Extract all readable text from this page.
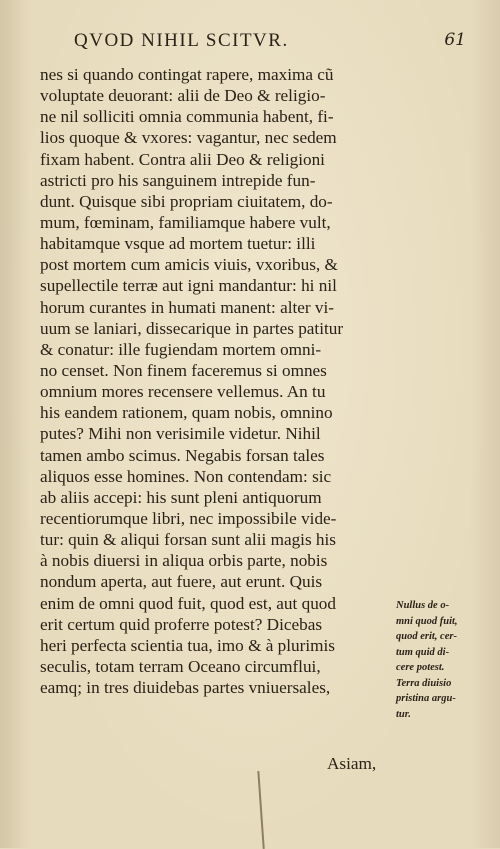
QVOD NIHIL SCITVR.	61
nes si quando contingat rapere, maxima cũ
voluptate deuorant: alii de Deo & religio-
ne nil solliciti omnia communia habent, fi-
lios quoque & vxores: vagantur, nec sedem
fixam habent. Contra alii Deo & religioni
astricti pro his sanguinem intrepide fun-
dunt. Quisque sibi propriam ciuitatem, do-
mum, fœminam, familiamque habere vult,
habitamque vsque ad mortem tuetur: illi
post mortem cum amicis viuis, vxoribus, &
supellectile terræ aut igni mandantur: hi nil
horum curantes in humati manent: alter vi-
uum se laniari, dissecarique in partes patitur
& conatur: ille fugiendam mortem omni-
no censet. Non finem faceremus si omnes
omnium mores recensere vellemus. An tu
his eandem rationem, quam nobis, omnino
putes? Mihi non verisimile videtur. Nihil
tamen ambo scimus. Negabis forsan tales
aliquos esse homines. Non contendam: sic
ab aliis accepi: his sunt pleni antiquorum
recentiorumque libri, nec impossibile vide-
tur: quin & aliqui forsan sunt alii magis his
à nobis diuersi in aliqua orbis parte, nobis
nondum aperta, aut fuere, aut erunt. Quis
enim de omni quod fuit, quod est, aut quod
erit certum quid proferre potest? Dicebas
heri perfecta scientia tua, imo & à plurimis
seculis, totam terram Oceano circumflui,
eamq; in tres diuidebas partes vniuersales,
Nullus de o-
mni quod fuit,
quod erit, cer-
tum quid di-
cere potest.
Terra diuisio
pristina argu-
tur.
Asiam,
